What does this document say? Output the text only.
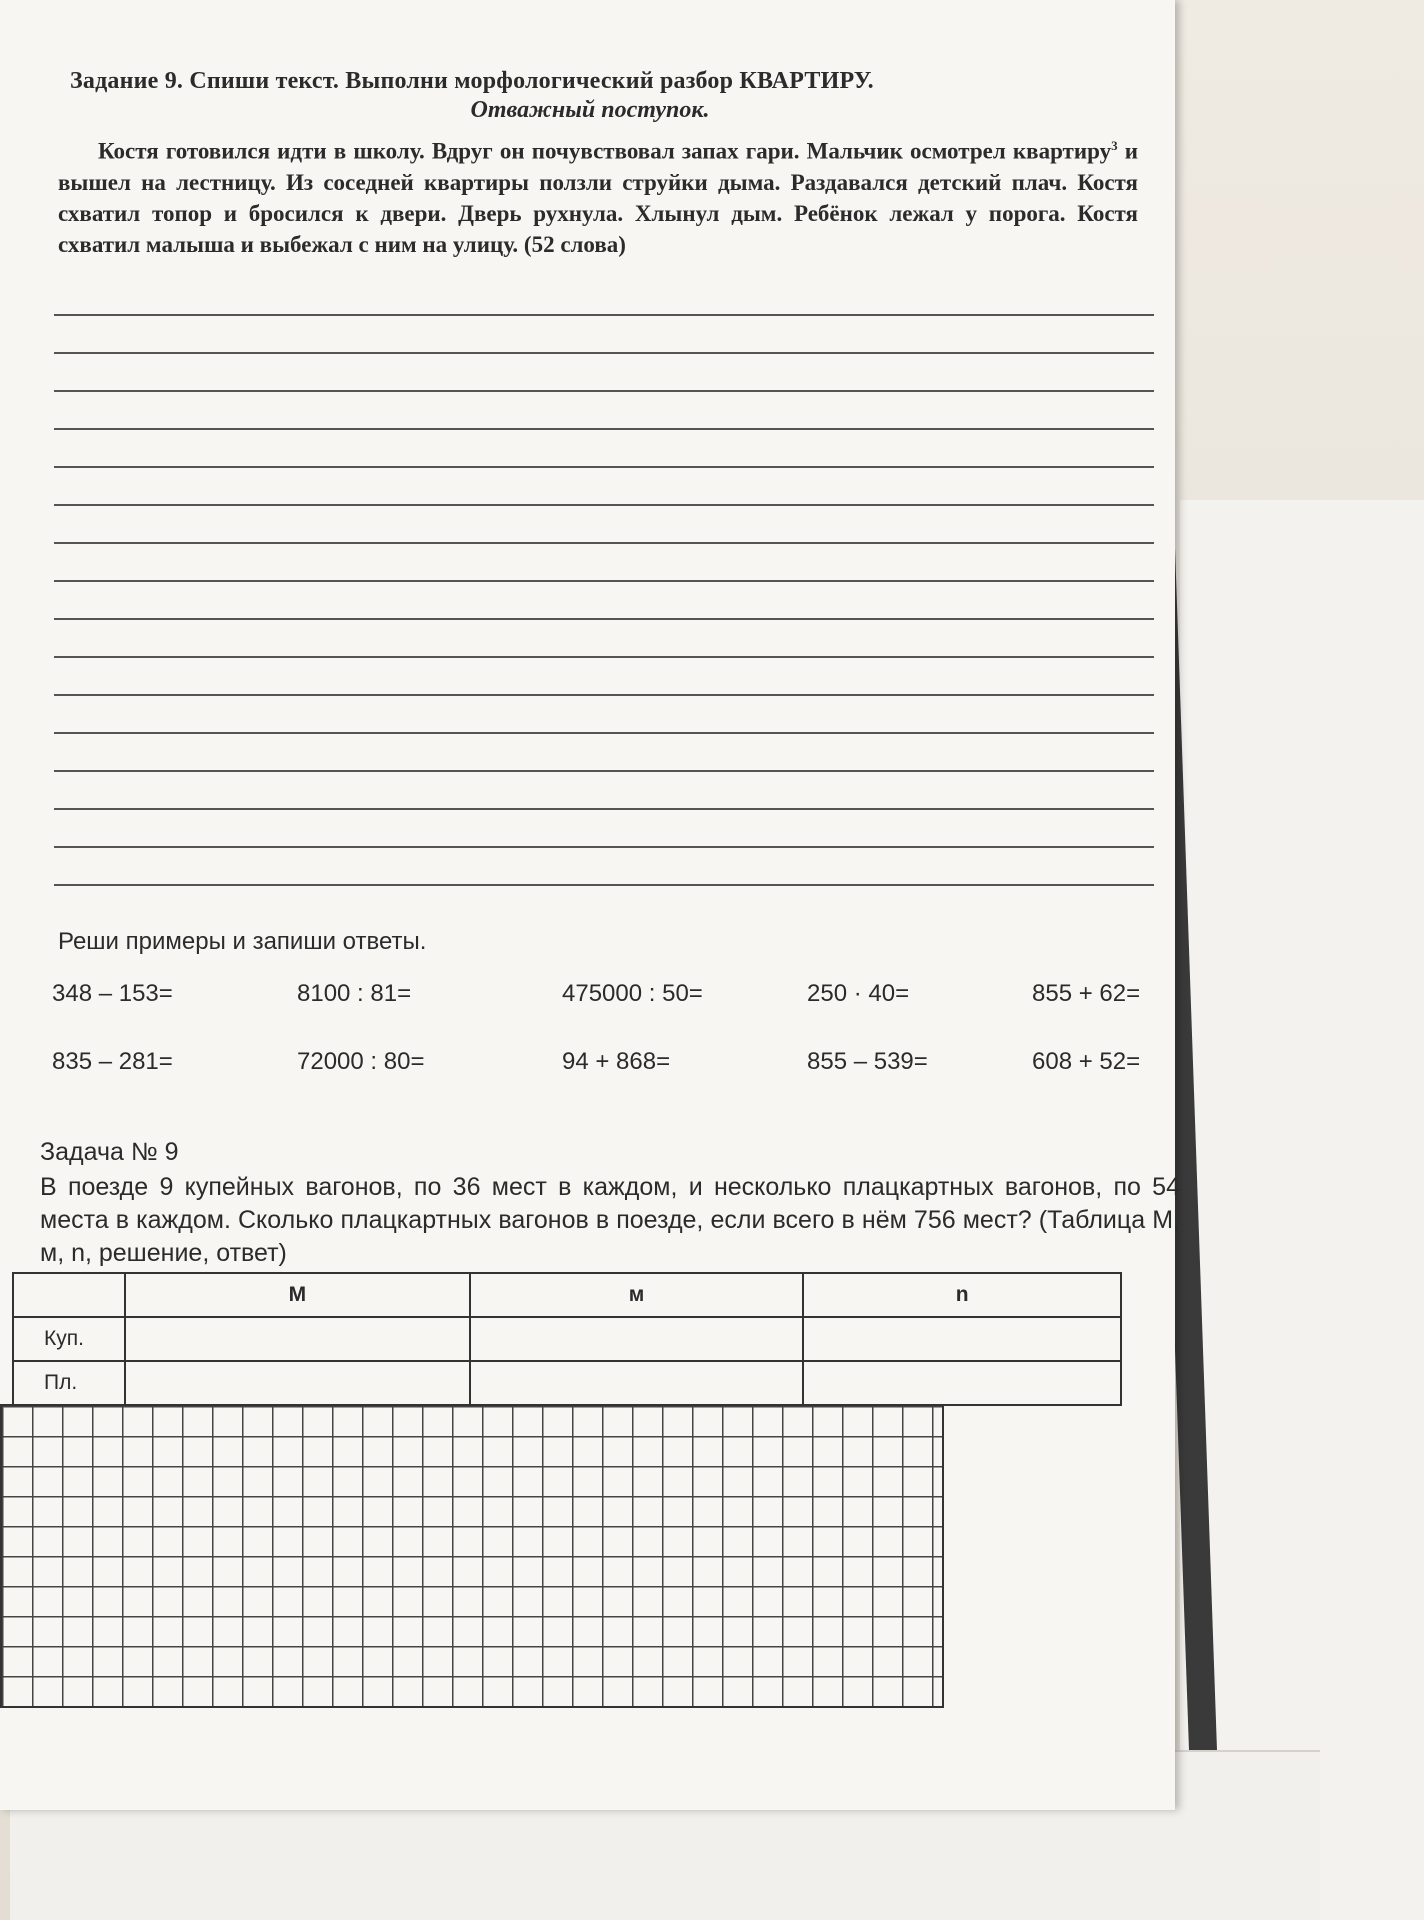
Задание 9. Спиши текст. Выполни морфологический разбор КВАРТИРУ.
Отважный поступок.

Костя готовился идти в школу. Вдруг он почувствовал запах гари. Мальчик осмотрел квартиру$^3$ и вышел на лестницу. Из соседней квартиры ползли струйки дыма. Раздавался детский плач. Костя схватил топор и бросился к двери. Дверь рухнула. Хлынул дым. Ребёнок лежал у порога. Костя схватил малыша и выбежал с ним на улицу. (52 слова)

Реши примеры и запиши ответы.
348 – 153=	8100 : 81=	475000 : 50=	250 · 40=	855 + 62=
835 – 281=	72000 : 80=	94 + 868=	855 – 539=	608 + 52=
Задача № 9

В поезде 9 купейных вагонов, по 36 мест в каждом, и несколько плацкартных вагонов, по 54 места в каждом. Сколько плацкартных вагонов в поезде, если всего в нём 756 мест? (Таблица М, м, n, решение, ответ)

	М	м	n
Куп.			
Пл.			
